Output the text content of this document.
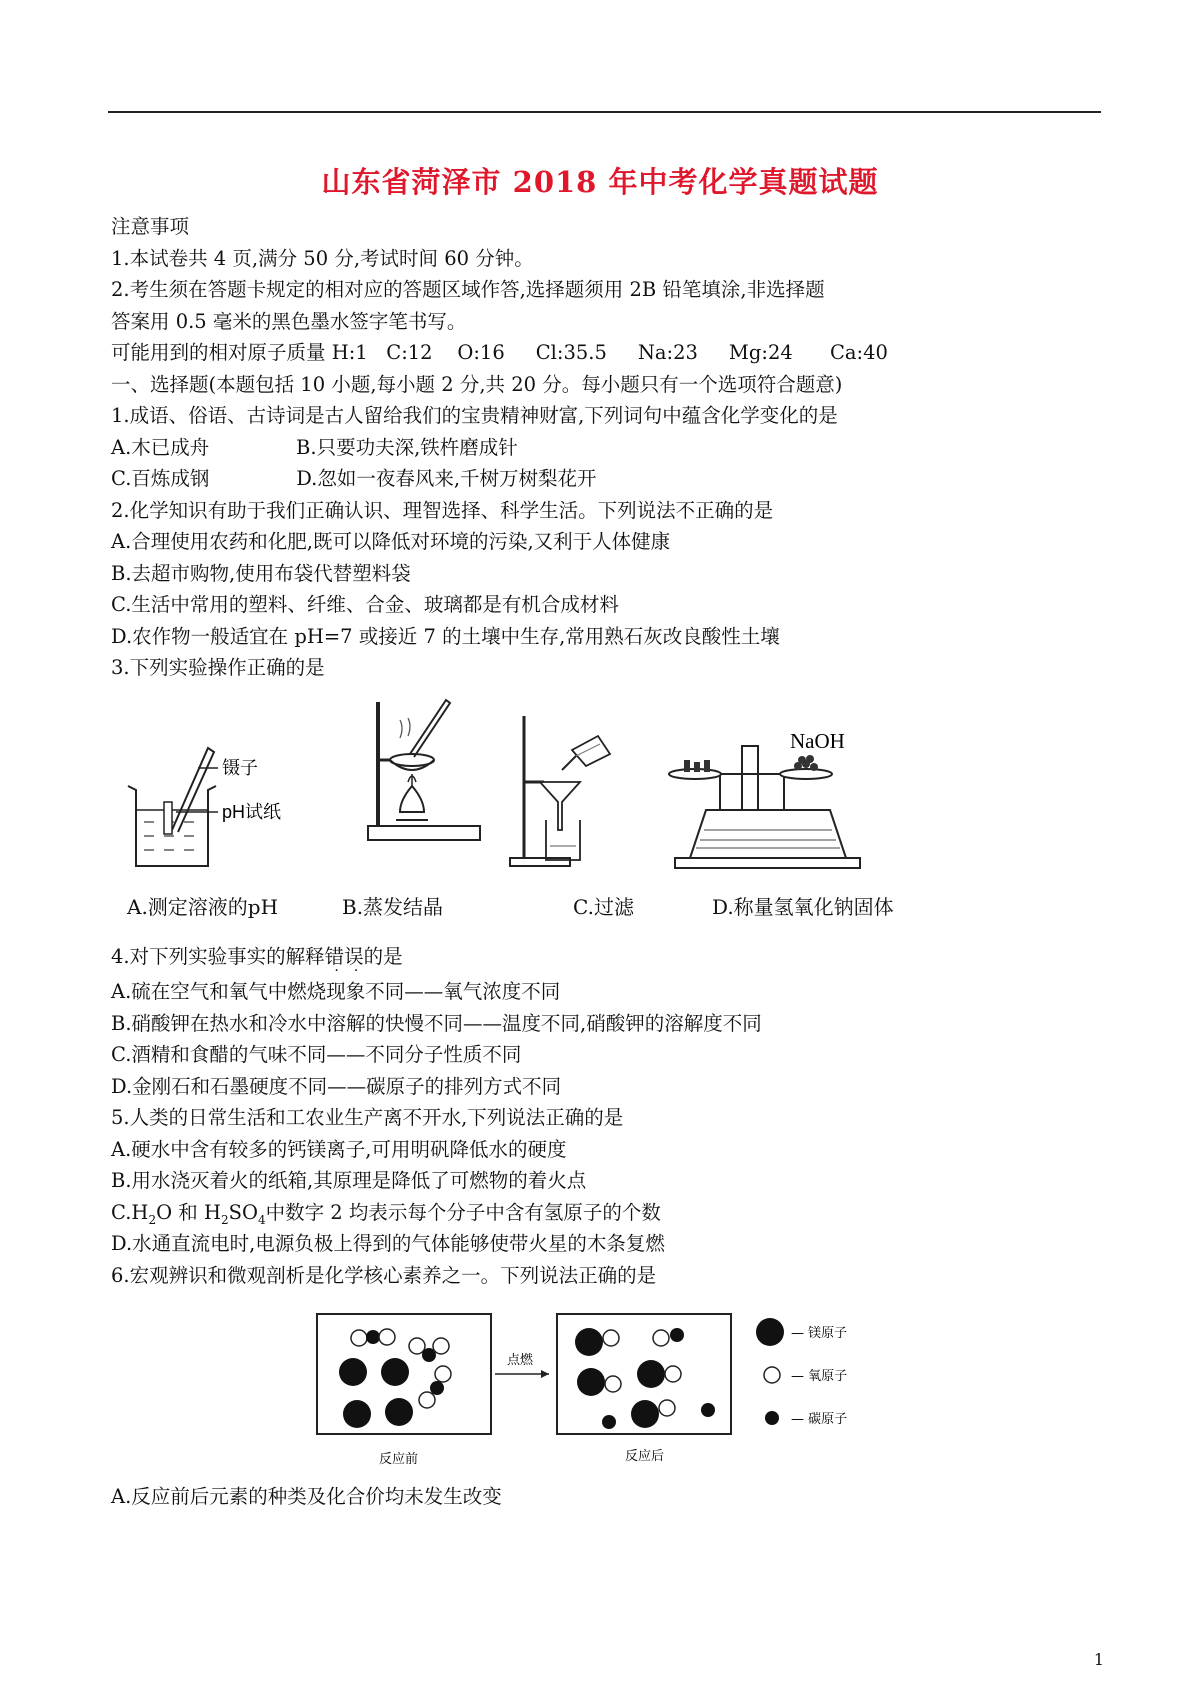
山东省菏泽市 2018 年中考化学真题试题
注意事项
1.本试卷共 4 页,满分 50 分,考试时间 60 分钟。
2.考生须在答题卡规定的相对应的答题区域作答,选择题须用 2B 铅笔填涂,非选择题
答案用 0.5 毫米的黑色墨水签字笔书写。
可能用到的相对原子质量 H:1   C:12    O:16     Cl:35.5     Na:23     Mg:24      Ca:40
一、选择题(本题包括 10 小题,每小题 2 分,共 20 分。每小题只有一个选项符合题意)
1.成语、俗语、古诗词是古人留给我们的宝贵精神财富,下列词句中蕴含化学变化的是
A.木已成舟              B.只要功夫深,铁杵磨成针
C.百炼成钢              D.忽如一夜春风来,千树万树梨花开
2.化学知识有助于我们正确认识、理智选择、科学生活。下列说法不正确的是
A.合理使用农药和化肥,既可以降低对环境的污染,又利于人体健康
B.去超市购物,使用布袋代替塑料袋
C.生活中常用的塑料、纤维、合金、玻璃都是有机合成材料
D.农作物一般适宜在 pH=7 或接近 7 的土壤中生存,常用熟石灰改良酸性土壤
3.下列实验操作正确的是
镊子
pH试纸
NaOH
A.测定溶液的pH	B.蒸发结晶	C.过滤	D.称量氢氧化钠固体
4.对下列实验事实的解释错误的是
A.硫在空气和氧气中燃烧现象不同——氧气浓度不同
B.硝酸钾在热水和冷水中溶解的快慢不同——温度不同,硝酸钾的溶解度不同
C.酒精和食醋的气味不同——不同分子性质不同
D.金刚石和石墨硬度不同——碳原子的排列方式不同
5.人类的日常生活和工农业生产离不开水,下列说法正确的是
A.硬水中含有较多的钙镁离子,可用明矾降低水的硬度
B.用水浇灭着火的纸箱,其原理是降低了可燃物的着火点
$C.H_2O$ 和 $H_2SO_4$中数字 2 均表示每个分子中含有氢原子的个数
D.水通直流电时,电源负极上得到的气体能够使带火星的木条复燃
6.宏观辨识和微观剖析是化学核心素养之一。下列说法正确的是
点燃
反应前	反应后
— 镁原子
— 氧原子
— 碳原子
A.反应前后元素的种类及化合价均未发生改变
1
